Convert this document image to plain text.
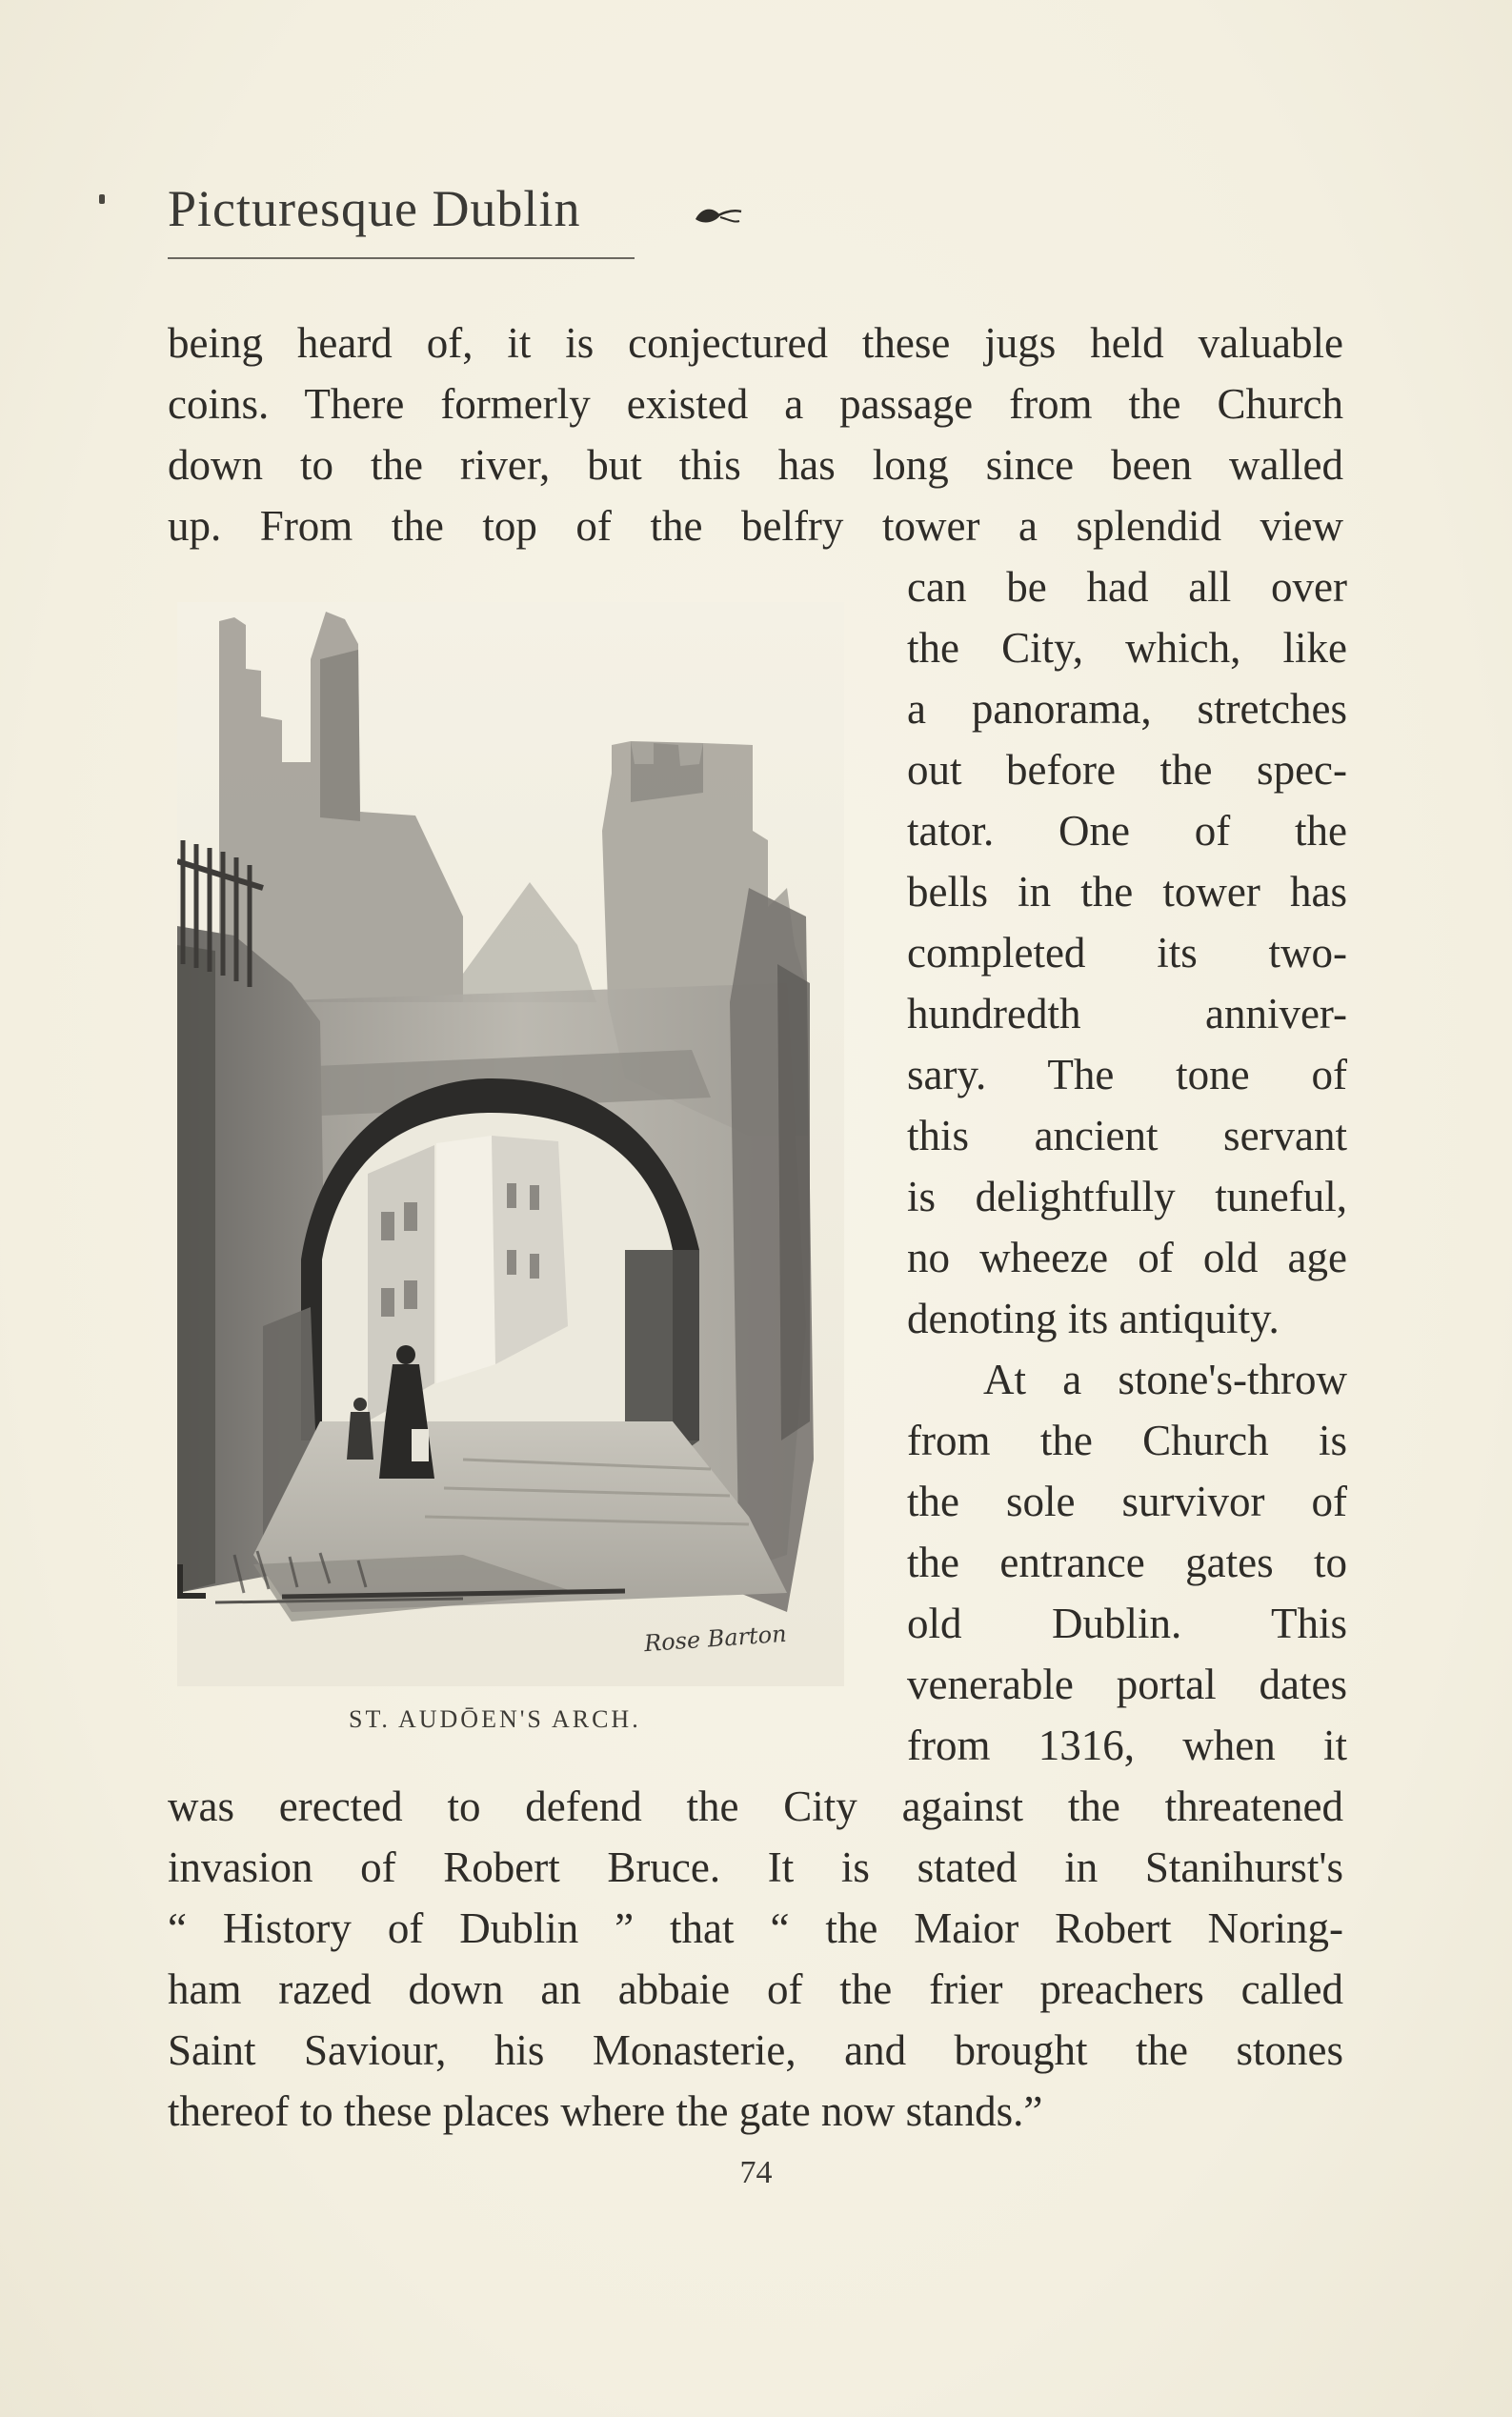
Picturesque Dublin
being heard of, it is conjectured these jugs held valuable
coins. There formerly existed a passage from the Church
down to the river, but this has long since been walled
up. From the top of the belfry tower a splendid view
can be had all over
the City, which, like
a panorama, stretches
out before the spec-
tator. One of the
bells in the tower has
completed its two-
hundredth anniver-
sary. The tone of
this ancient servant
is delightfully tuneful,
no wheeze of old age
denoting its antiquity.
At a stone's-throw
from the Church is
the sole survivor of
the entrance gates to
old Dublin. This
venerable portal dates
from 1316, when it
was erected to defend the City against the threatened
invasion of Robert Bruce. It is stated in Stanihurst's
“ History of Dublin ” that “ the Maior Robert Noring-
ham razed down an abbaie of the frier preachers called
Saint Saviour, his Monasterie, and brought the stones
thereof to these places where the gate now stands.”
Rose Barton
ST. AUDŌEN'S ARCH.
74
